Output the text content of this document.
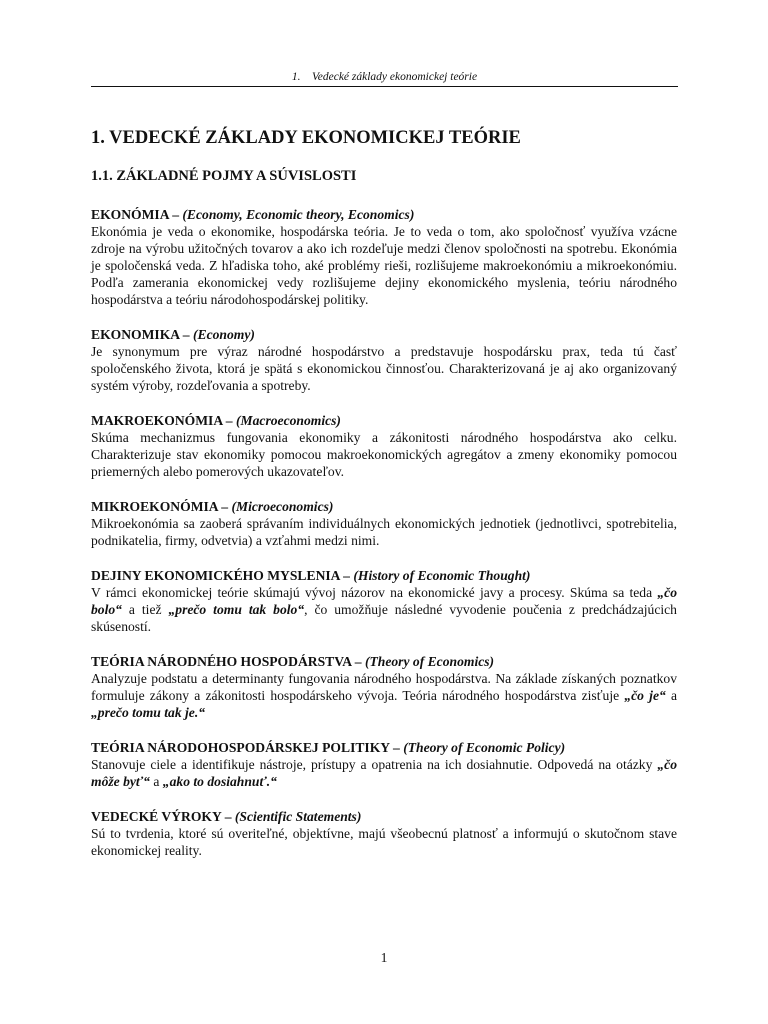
1. Vedecké základy ekonomickej teórie
1. VEDECKÉ ZÁKLADY EKONOMICKEJ TEÓRIE
1.1. ZÁKLADNÉ POJMY A SÚVISLOSTI
EKONÓMIA – (Economy, Economic theory, Economics)

Ekonómia je veda o ekonomike, hospodárska teória. Je to veda o tom, ako spoločnosť využíva vzácne zdroje na výrobu užitočných tovarov a ako ich rozdeľuje medzi členov spoločnosti na spotrebu. Ekonómia je spoločenská veda. Z hľadiska toho, aké problémy rieši, rozlišujeme makroekonómiu a mikroekonómiu. Podľa zamerania ekonomickej vedy rozlišujeme dejiny ekonomického myslenia, teóriu národného hospodárstva a teóriu národohospodárskej politiky.

EKONOMIKA – (Economy)

Je synonymum pre výraz národné hospodárstvo a predstavuje hospodársku prax, teda tú časť spoločenského života, ktorá je spätá s ekonomickou činnosťou. Charakterizovaná je aj ako organizovaný systém výroby, rozdeľovania a spotreby.

MAKROEKONÓMIA – (Macroeconomics)

Skúma mechanizmus fungovania ekonomiky a zákonitosti národného hospodárstva ako celku. Charakterizuje stav ekonomiky pomocou makroekonomických agregátov a zmeny ekonomiky pomocou priemerných alebo pomerových ukazovateľov.

MIKROEKONÓMIA – (Microeconomics)

Mikroekonómia sa zaoberá správaním individuálnych ekonomických jednotiek (jednotlivci, spotrebitelia, podnikatelia, firmy, odvetvia) a vzťahmi medzi nimi.

DEJINY EKONOMICKÉHO MYSLENIA – (History of Economic Thought)

V rámci ekonomickej teórie skúmajú vývoj názorov na ekonomické javy a procesy. Skúma sa teda „čo bolo“ a tiež „prečo tomu tak bolo“, čo umožňuje následné vyvodenie poučenia z predchádzajúcich skúseností.

TEÓRIA NÁRODNÉHO HOSPODÁRSTVA – (Theory of Economics)

Analyzuje podstatu a determinanty fungovania národného hospodárstva. Na základe získaných poznatkov formuluje zákony a zákonitosti hospodárskeho vývoja. Teória národného hospodárstva zisťuje „čo je“ a „prečo tomu tak je.“

TEÓRIA NÁRODOHOSPODÁRSKEJ POLITIKY – (Theory of Economic Policy)

Stanovuje ciele a identifikuje nástroje, prístupy a opatrenia na ich dosiahnutie. Odpovedá na otázky „čo môže byť“ a „ako to dosiahnuť.“

VEDECKÉ VÝROKY – (Scientific Statements)

Sú to tvrdenia, ktoré sú overiteľné, objektívne, majú všeobecnú platnosť a informujú o skutočnom stave ekonomickej reality.

1
